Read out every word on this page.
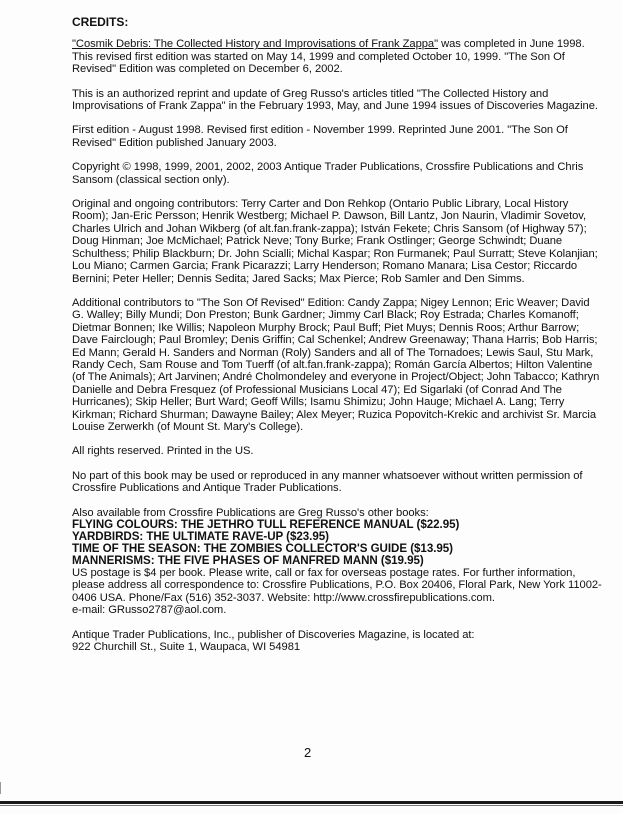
CREDITS:

"Cosmik Debris: The Collected History and Improvisations of Frank Zappa" was completed in June 1998. This revised first edition was started on May 14, 1999 and completed October 10, 1999. "The Son Of Revised" Edition was completed on December 6, 2002.

This is an authorized reprint and update of Greg Russo's articles titled "The Collected History and Improvisations of Frank Zappa" in the February 1993, May, and June 1994 issues of Discoveries Magazine.

First edition - August 1998. Revised first edition - November 1999. Reprinted June 2001. "The Son Of Revised" Edition published January 2003.

Copyright © 1998, 1999, 2001, 2002, 2003 Antique Trader Publications, Crossfire Publications and Chris Sansom (classical section only).

Original and ongoing contributors: Terry Carter and Don Rehkop (Ontario Public Library, Local History Room); Jan-Eric Persson; Henrik Westberg; Michael P. Dawson, Bill Lantz, Jon Naurin, Vladimir Sovetov, Charles Ulrich and Johan Wikberg (of alt.fan.frank-zappa); István Fekete; Chris Sansom (of Highway 57); Doug Hinman; Joe McMichael; Patrick Neve; Tony Burke; Frank Ostlinger; George Schwindt; Duane Schulthess; Philip Blackburn; Dr. John Scialli; Michal Kaspar; Ron Furmanek; Paul Surratt; Steve Kolanjian; Lou Miano; Carmen Garcia; Frank Picarazzi; Larry Henderson; Romano Manara; Lisa Cestor; Riccardo Bernini; Peter Heller; Dennis Sedita; Jared Sacks; Max Pierce; Rob Samler and Den Simms.

Additional contributors to "The Son Of Revised" Edition: Candy Zappa; Nigey Lennon; Eric Weaver; David G. Walley; Billy Mundi; Don Preston; Bunk Gardner; Jimmy Carl Black; Roy Estrada; Charles Komanoff; Dietmar Bonnen; Ike Willis; Napoleon Murphy Brock; Paul Buff; Piet Muys; Dennis Roos; Arthur Barrow; Dave Fairclough; Paul Bromley; Denis Griffin; Cal Schenkel; Andrew Greenaway; Thana Harris; Bob Harris; Ed Mann; Gerald H. Sanders and Norman (Roly) Sanders and all of The Tornadoes; Lewis Saul, Stu Mark, Randy Cech, Sam Rouse and Tom Tuerff (of alt.fan.frank-zappa); Román García Albertos; Hilton Valentine (of The Animals); Art Jarvinen; André Cholmondeley and everyone in Project/Object; John Tabacco; Kathryn Danielle and Debra Fresquez (of Professional Musicians Local 47); Ed Sigarlaki (of Conrad And The Hurricanes); Skip Heller; Burt Ward; Geoff Wills; Isamu Shimizu; John Hauge; Michael A. Lang; Terry Kirkman; Richard Shurman; Dawayne Bailey; Alex Meyer; Ruzica Popovitch-Krekic and archivist Sr. Marcia Louise Zerwerkh (of Mount St. Mary's College).

All rights reserved. Printed in the US.

No part of this book may be used or reproduced in any manner whatsoever without written permission of Crossfire Publications and Antique Trader Publications.

Also available from Crossfire Publications are Greg Russo's other books:
FLYING COLOURS: THE JETHRO TULL REFERENCE MANUAL ($22.95)
YARDBIRDS: THE ULTIMATE RAVE-UP ($23.95)
TIME OF THE SEASON: THE ZOMBIES COLLECTOR'S GUIDE ($13.95)
MANNERISMS: THE FIVE PHASES OF MANFRED MANN ($19.95)
US postage is $4 per book. Please write, call or fax for overseas postage rates. For further information, please address all correspondence to: Crossfire Publications, P.O. Box 20406, Floral Park, New York 11002-0406 USA. Phone/Fax (516) 352-3037. Website: http://www.crossfirepublications.com.
e-mail: GRusso2787@aol.com.
Antique Trader Publications, Inc., publisher of Discoveries Magazine, is located at:
922 Churchill St., Suite 1, Waupaca, WI 54981
2
